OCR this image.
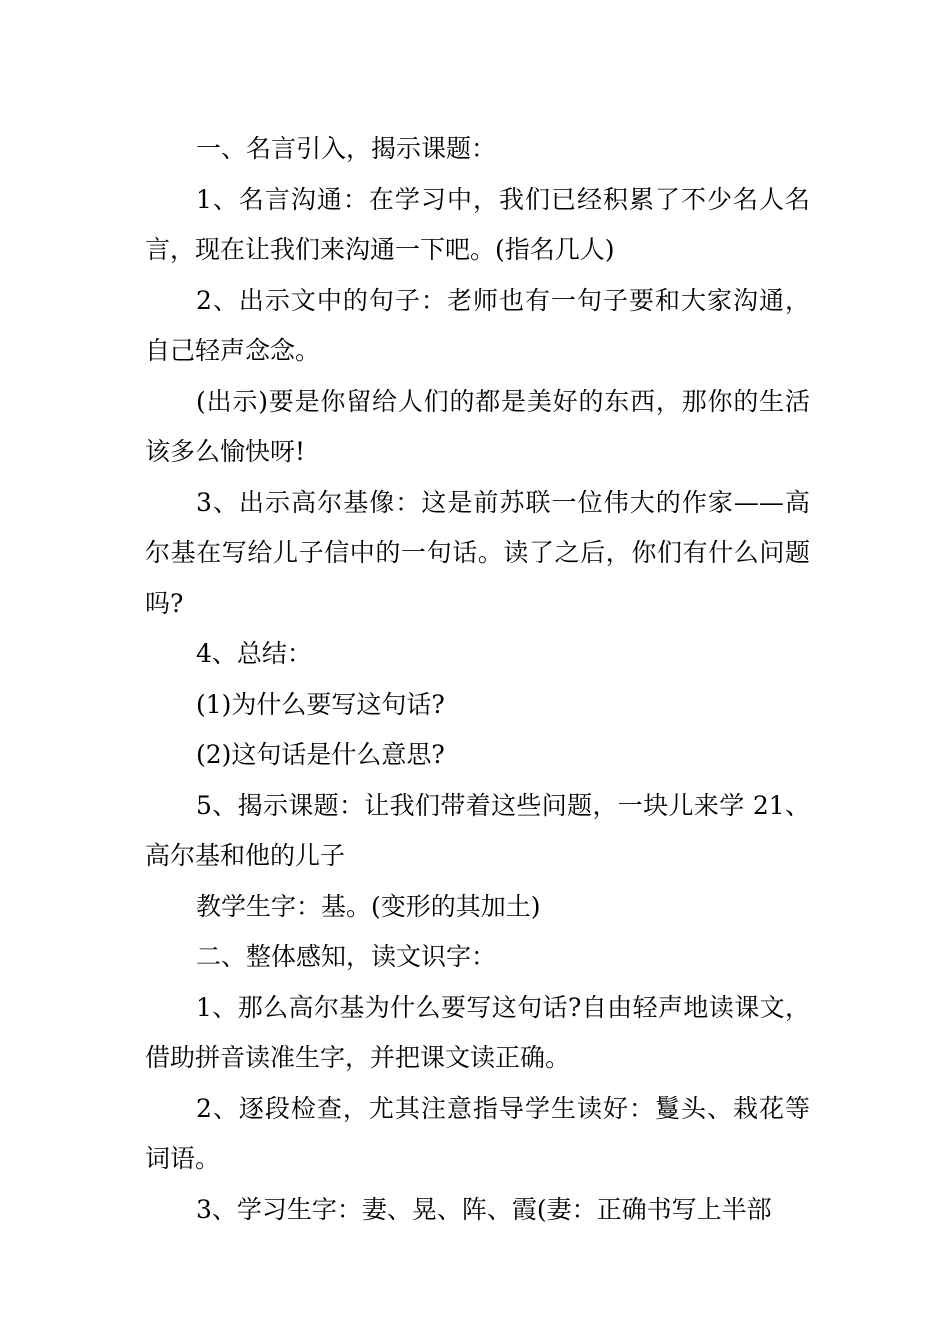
一、名言引入，揭示课题：

1、名言沟通：在学习中，我们已经积累了不少名人名言，现在让我们来沟通一下吧。(指名几人)

2、出示文中的句子：老师也有一句子要和大家沟通，自己轻声念念。

(出示)要是你留给人们的都是美好的东西，那你的生活该多么愉快呀!

3、出示高尔基像：这是前苏联一位伟大的作家——高尔基在写给儿子信中的一句话。读了之后，你们有什么问题吗?

4、总结：

(1)为什么要写这句话?

(2)这句话是什么意思?

5、揭示课题：让我们带着这些问题，一块儿来学 21、高尔基和他的儿子

教学生字：基。(变形的其加土)

二、整体感知，读文识字：

1、那么高尔基为什么要写这句话?自由轻声地读课文，借助拼音读准生字，并把课文读正确。

2、逐段检查，尤其注意指导学生读好：鬘头、栽花等词语。

3、学习生字：妻、晃、阵、霞(妻：正确书写上半部
